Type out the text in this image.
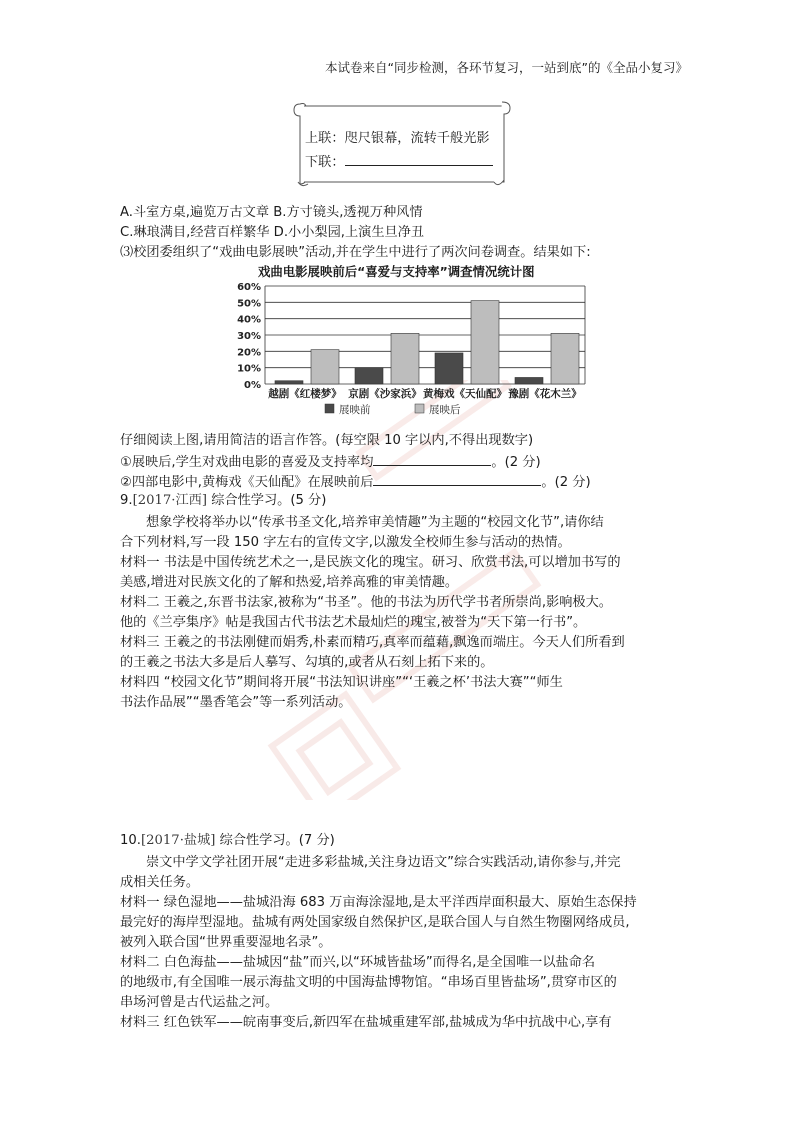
本试卷来自“同步检测，各环节复习，一站到底”的《全品小复习》
上联：咫尺银幕，流转千般光影
下联：
A.斗室方桌,遍览万古文章 B.方寸镜头,透视万种风情
C.琳琅满目,经营百样繁华 D.小小梨园,上演生旦净丑
⑶校团委组织了“戏曲电影展映”活动,并在学生中进行了两次问卷调查。结果如下:
戏曲电影展映前后“喜爱与支持率”调查情况统计图
0%
10%
20%
30%
40%
50%
60%
越剧《红楼梦》 京剧《沙家浜》 黄梅戏《天仙配》 豫剧《花木兰》
展映前	展映后
仔细阅读上图,请用简洁的语言作答。(每空限 10 字以内,不得出现数字)
①展映后,学生对戏曲电影的喜爱及支持率均	。(2 分)
②四部电影中,黄梅戏《天仙配》在展映前后	。(2 分)
9.[2017·江西] 综合性学习。(5 分)
想象学校将举办以“传承书圣文化,培养审美情趣”为主题的“校园文化节”,请你结
合下列材料,写一段 150 字左右的宣传文字,以激发全校师生参与活动的热情。
材料一 书法是中国传统艺术之一,是民族文化的瑰宝。研习、欣赏书法,可以增加书写的
美感,增进对民族文化的了解和热爱,培养高雅的审美情趣。
材料二 王羲之,东晋书法家,被称为“书圣”。他的书法为历代学书者所崇尚,影响极大。
他的《兰亭集序》帖是我国古代书法艺术最灿烂的瑰宝,被誉为“天下第一行书”。
材料三 王羲之的书法刚健而娟秀,朴素而精巧,真率而蕴藉,飘逸而端庄。今天人们所看到
的王羲之书法大多是后人摹写、勾填的,或者从石刻上拓下来的。
材料四 “校园文化节”期间将开展“书法知识讲座”“‘王羲之杯’书法大赛”“师生
书法作品展”“墨香笔会”等一系列活动。
10.[2017·盐城] 综合性学习。(7 分)
崇文中学文学社团开展“走进多彩盐城,关注身边语文”综合实践活动,请你参与,并完
成相关任务。
材料一 绿色湿地——盐城沿海 683 万亩海涂湿地,是太平洋西岸面积最大、原始生态保持
最完好的海岸型湿地。盐城有两处国家级自然保护区,是联合国人与自然生物圈网络成员,
被列入联合国“世界重要湿地名录”。
材料二 白色海盐——盐城因“盐”而兴,以“环城皆盐场”而得名,是全国唯一以盐命名
的地级市,有全国唯一展示海盐文明的中国海盐博物馆。“串场百里皆盐场”,贯穿市区的
串场河曾是古代运盐之河。
材料三 红色铁军——皖南事变后,新四军在盐城重建军部,盐城成为华中抗战中心,享有
